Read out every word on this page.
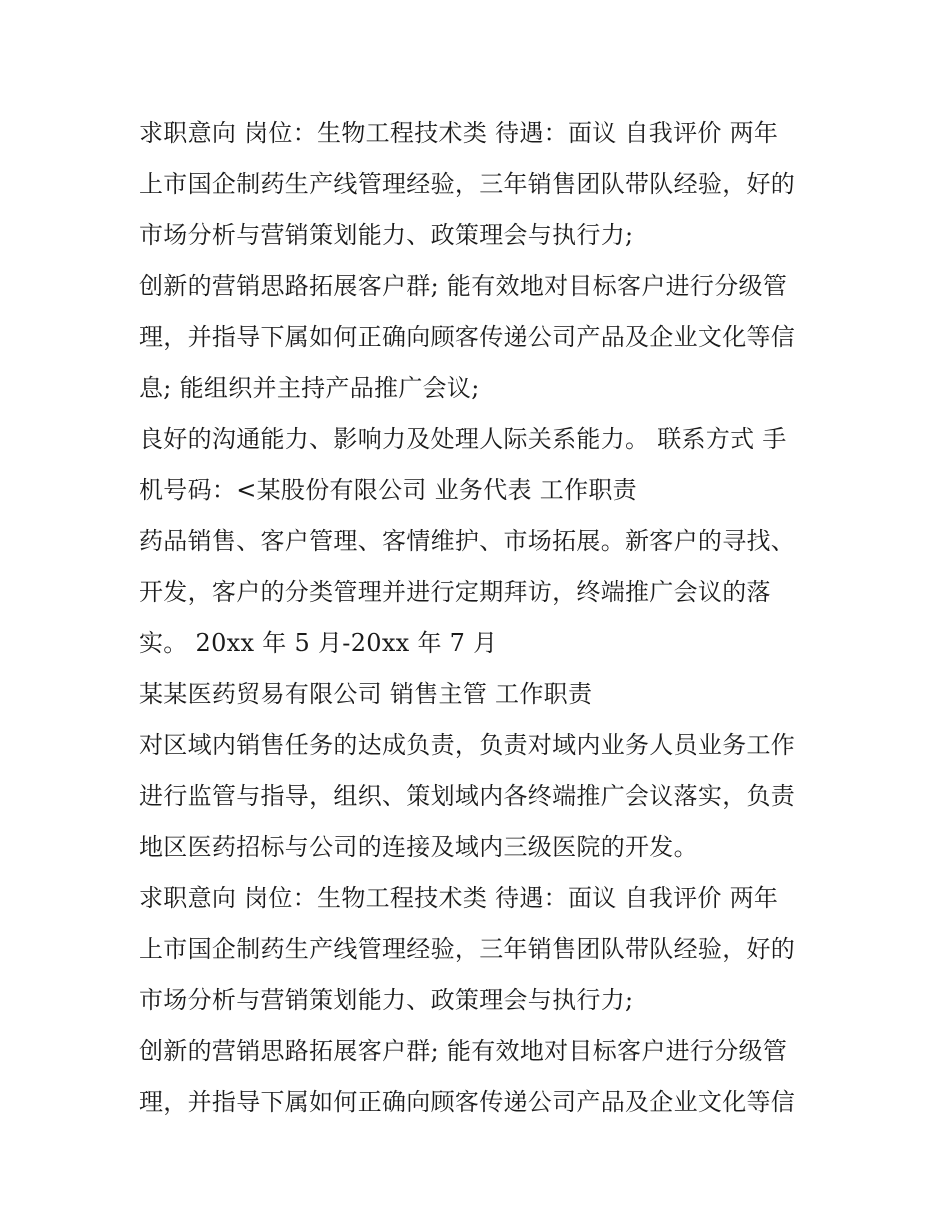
求职意向 岗位：生物工程技术类 待遇：面议 自我评价 两年
上市国企制药生产线管理经验，三年销售团队带队经验，好的
市场分析与营销策划能力、政策理会与执行力;
创新的营销思路拓展客户群; 能有效地对目标客户进行分级管
理，并指导下属如何正确向顾客传递公司产品及企业文化等信
息; 能组织并主持产品推广会议;
良好的沟通能力、影响力及处理人际关系能力。 联系方式 手
机号码：<某股份有限公司 业务代表 工作职责
药品销售、客户管理、客情维护、市场拓展。新客户的寻找、
开发，客户的分类管理并进行定期拜访，终端推广会议的落
实。 20xx 年 5 月-20xx 年 7 月
某某医药贸易有限公司 销售主管 工作职责
对区域内销售任务的达成负责，负责对域内业务人员业务工作
进行监管与指导，组织、策划域内各终端推广会议落实，负责
地区医药招标与公司的连接及域内三级医院的开发。
求职意向 岗位：生物工程技术类 待遇：面议 自我评价 两年
上市国企制药生产线管理经验，三年销售团队带队经验，好的
市场分析与营销策划能力、政策理会与执行力;
创新的营销思路拓展客户群; 能有效地对目标客户进行分级管
理，并指导下属如何正确向顾客传递公司产品及企业文化等信
